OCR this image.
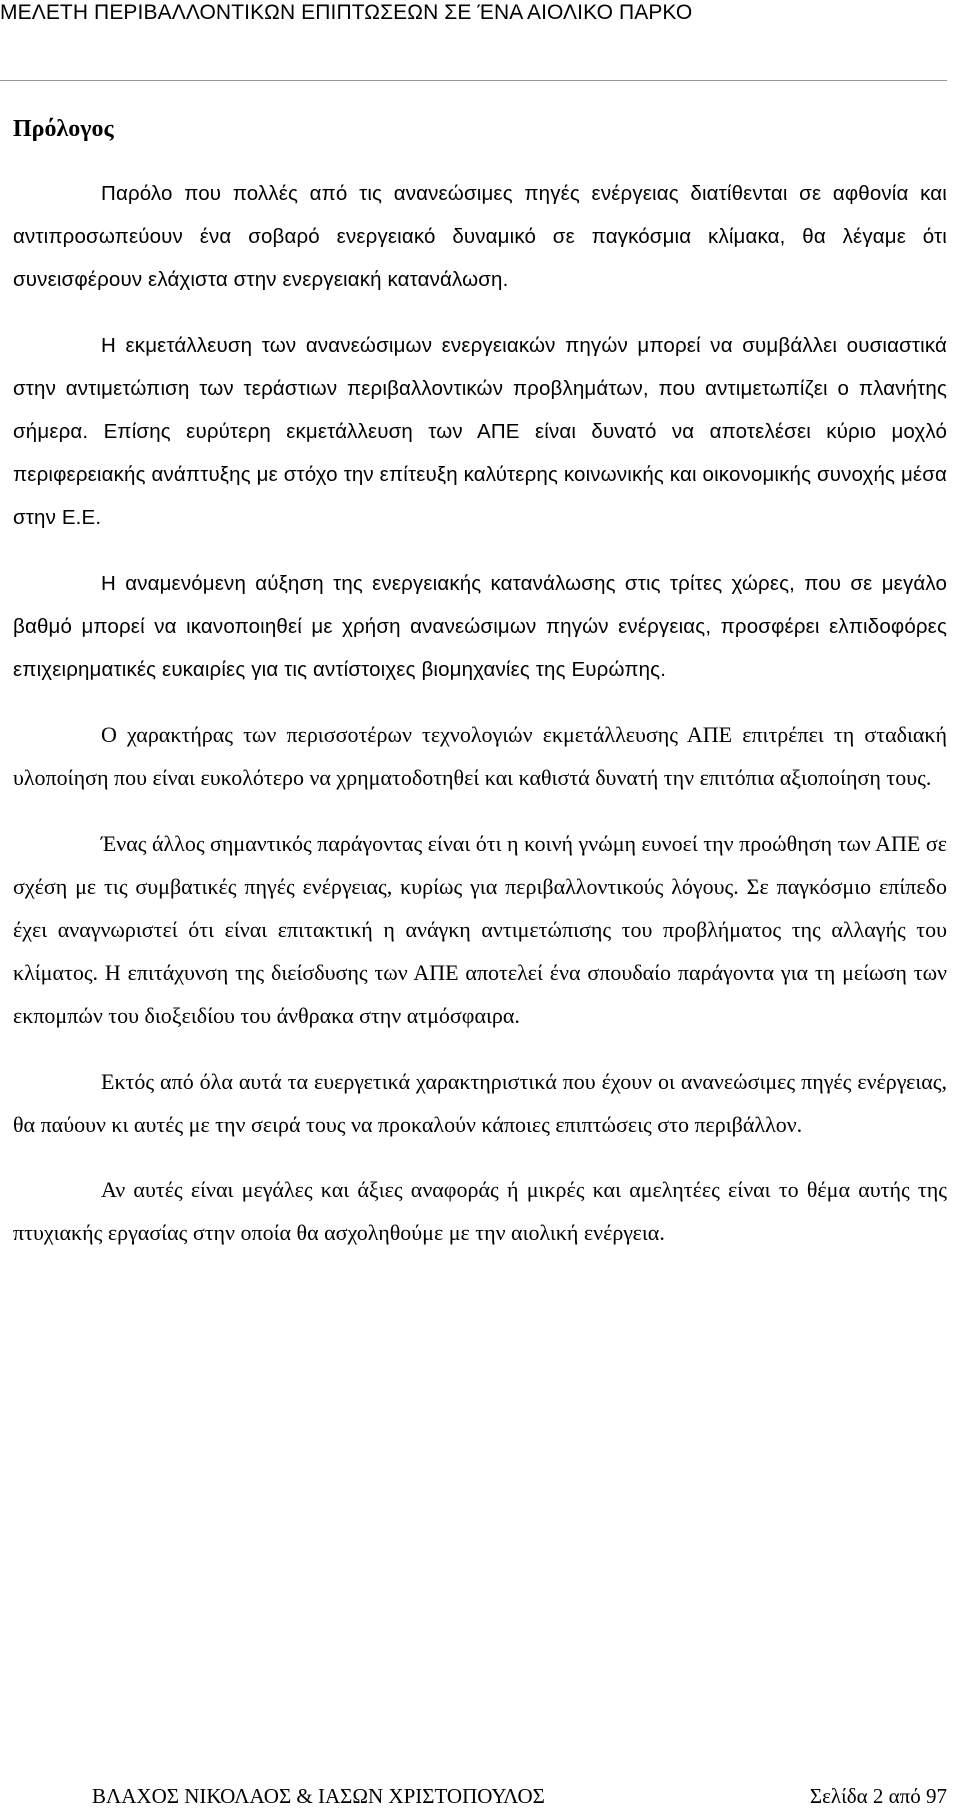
ΜΕΛΕΤΗ ΠΕΡΙΒΑΛΛΟΝΤΙΚΩΝ ΕΠΙΠΤΩΣΕΩΝ ΣΕ ΈΝΑ ΑΙΟΛΙΚΟ ΠΑΡΚΟ
Πρόλογος

Παρόλο που πολλές από τις ανανεώσιμες πηγές ενέργειας διατίθενται σε αφθονία και αντιπροσωπεύουν ένα σοβαρό ενεργειακό δυναμικό σε παγκόσμια κλίμακα, θα λέγαμε ότι συνεισφέρουν ελάχιστα στην ενεργειακή κατανάλωση.

Η εκμετάλλευση των ανανεώσιμων ενεργειακών πηγών μπορεί να συμβάλλει ουσιαστικά στην αντιμετώπιση των τεράστιων περιβαλλοντικών προβλημάτων, που αντιμετωπίζει ο πλανήτης σήμερα. Επίσης ευρύτερη εκμετάλλευση των ΑΠΕ είναι δυνατό να αποτελέσει κύριο μοχλό περιφερειακής ανάπτυξης με στόχο την επίτευξη καλύτερης κοινωνικής και οικονομικής συνοχής μέσα στην Ε.Ε.

Η αναμενόμενη αύξηση της ενεργειακής κατανάλωσης στις τρίτες χώρες, που σε μεγάλο βαθμό μπορεί να ικανοποιηθεί με χρήση ανανεώσιμων πηγών ενέργειας, προσφέρει ελπιδοφόρες επιχειρηματικές ευκαιρίες για τις αντίστοιχες βιομηχανίες της Ευρώπης.

Ο χαρακτήρας των περισσοτέρων τεχνολογιών εκμετάλλευσης ΑΠΕ επιτρέπει τη σταδιακή υλοποίηση που είναι ευκολότερο να χρηματοδοτηθεί και καθιστά δυνατή την επιτόπια αξιοποίηση τους.

Ένας άλλος σημαντικός παράγοντας είναι ότι η κοινή γνώμη ευνοεί την προώθηση των ΑΠΕ σε σχέση με τις συμβατικές πηγές ενέργειας, κυρίως για περιβαλλοντικούς λόγους. Σε παγκόσμιο επίπεδο έχει αναγνωριστεί ότι είναι επιτακτική η ανάγκη αντιμετώπισης του προβλήματος της αλλαγής του κλίματος. Η επιτάχυνση της διείσδυσης των ΑΠΕ αποτελεί ένα σπουδαίο παράγοντα για τη μείωση των εκπομπών του διοξειδίου του άνθρακα στην ατμόσφαιρα.

Εκτός από όλα αυτά τα ευεργετικά χαρακτηριστικά που έχουν οι ανανεώσιμες πηγές ενέργειας, θα παύουν κι αυτές με την σειρά τους να προκαλούν κάποιες επιπτώσεις στο περιβάλλον.

Αν αυτές είναι μεγάλες και άξιες αναφοράς ή μικρές και αμελητέες είναι το θέμα αυτής της πτυχιακής εργασίας στην οποία θα ασχοληθούμε με την αιολική ενέργεια.

ΒΛΑΧΟΣ ΝΙΚΟΛΑΟΣ & ΙΑΣΩΝ ΧΡΙΣΤΟΠΟΥΛΟΣ	Σελίδα 2 από 97
